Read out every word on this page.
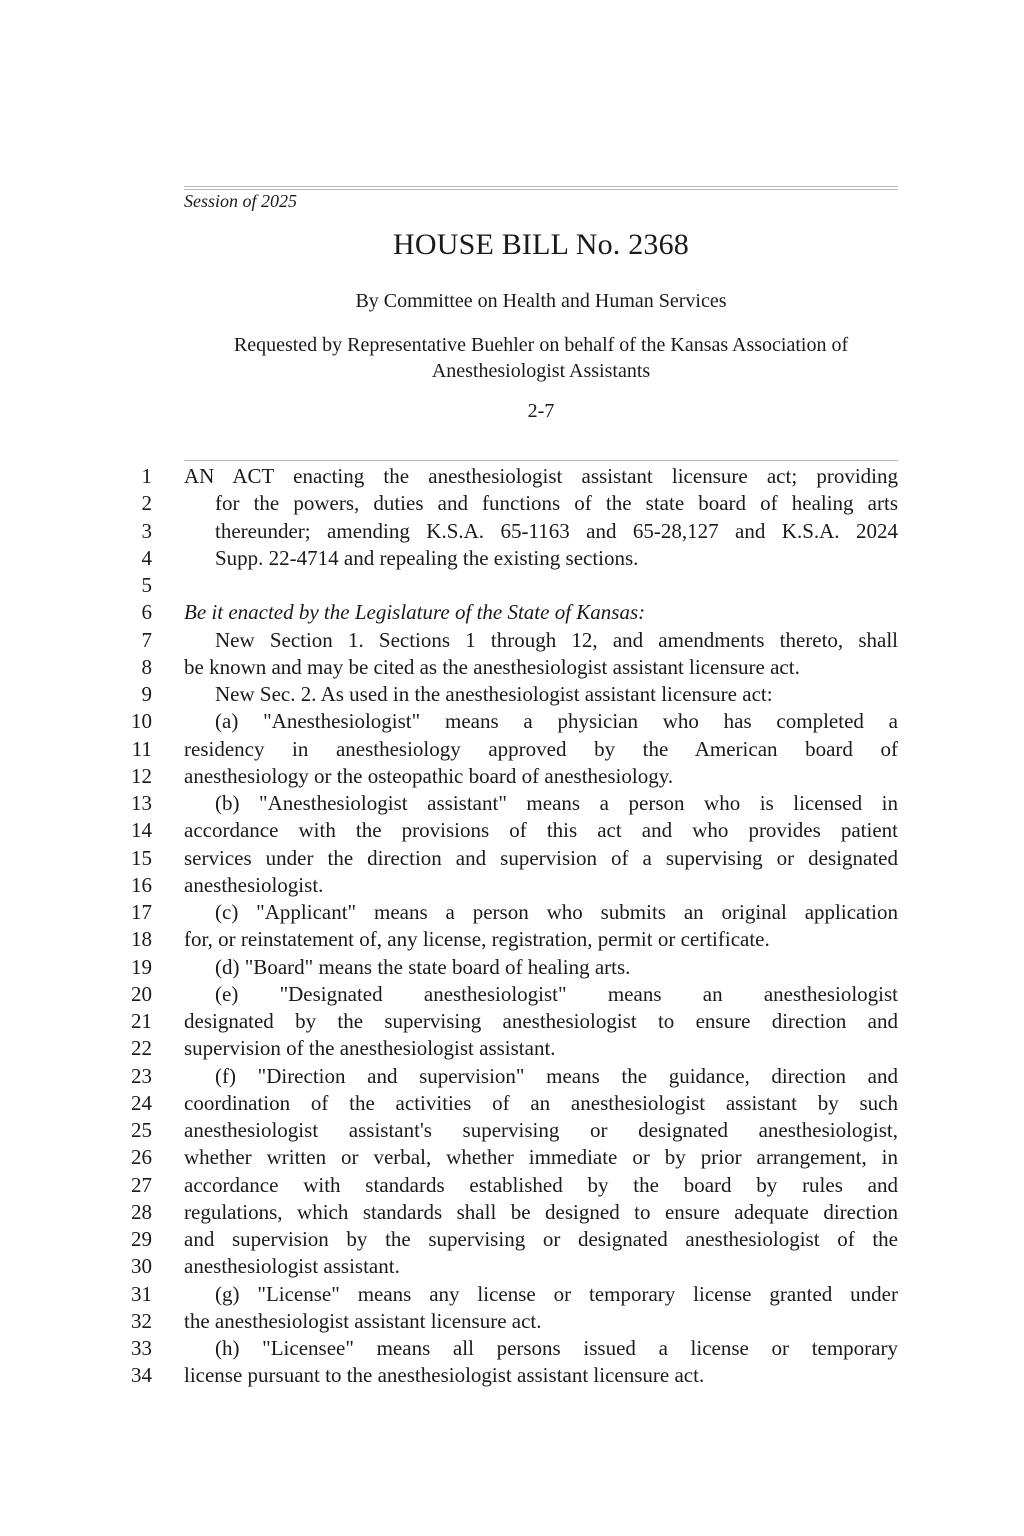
Session of 2025
HOUSE BILL No. 2368
By Committee on Health and Human Services
Requested by Representative Buehler on behalf of the Kansas Association of Anesthesiologist Assistants
2-7
1 AN ACT enacting the anesthesiologist assistant licensure act; providing
2	for the powers, duties and functions of the state board of healing arts
3	thereunder; amending K.S.A. 65-1163 and 65-28,127 and K.S.A. 2024
4	Supp. 22-4714 and repealing the existing sections.
5
6 Be it enacted by the Legislature of the State of Kansas:
7	New Section 1. Sections 1 through 12, and amendments thereto, shall
8 be known and may be cited as the anesthesiologist assistant licensure act.
9	New Sec. 2. As used in the anesthesiologist assistant licensure act:
10	(a) "Anesthesiologist" means a physician who has completed a
11 residency in anesthesiology approved by the American board of
12 anesthesiology or the osteopathic board of anesthesiology.
13	(b) "Anesthesiologist assistant" means a person who is licensed in
14 accordance with the provisions of this act and who provides patient
15 services under the direction and supervision of a supervising or designated
16 anesthesiologist.
17	(c) "Applicant" means a person who submits an original application
18 for, or reinstatement of, any license, registration, permit or certificate.
19	(d) "Board" means the state board of healing arts.
20	(e) "Designated anesthesiologist" means an anesthesiologist
21 designated by the supervising anesthesiologist to ensure direction and
22 supervision of the anesthesiologist assistant.
23	(f) "Direction and supervision" means the guidance, direction and
24 coordination of the activities of an anesthesiologist assistant by such
25 anesthesiologist assistant's supervising or designated anesthesiologist,
26 whether written or verbal, whether immediate or by prior arrangement, in
27 accordance with standards established by the board by rules and
28 regulations, which standards shall be designed to ensure adequate direction
29 and supervision by the supervising or designated anesthesiologist of the
30 anesthesiologist assistant.
31	(g) "License" means any license or temporary license granted under
32 the anesthesiologist assistant licensure act.
33	(h) "Licensee" means all persons issued a license or temporary
34 license pursuant to the anesthesiologist assistant licensure act.
